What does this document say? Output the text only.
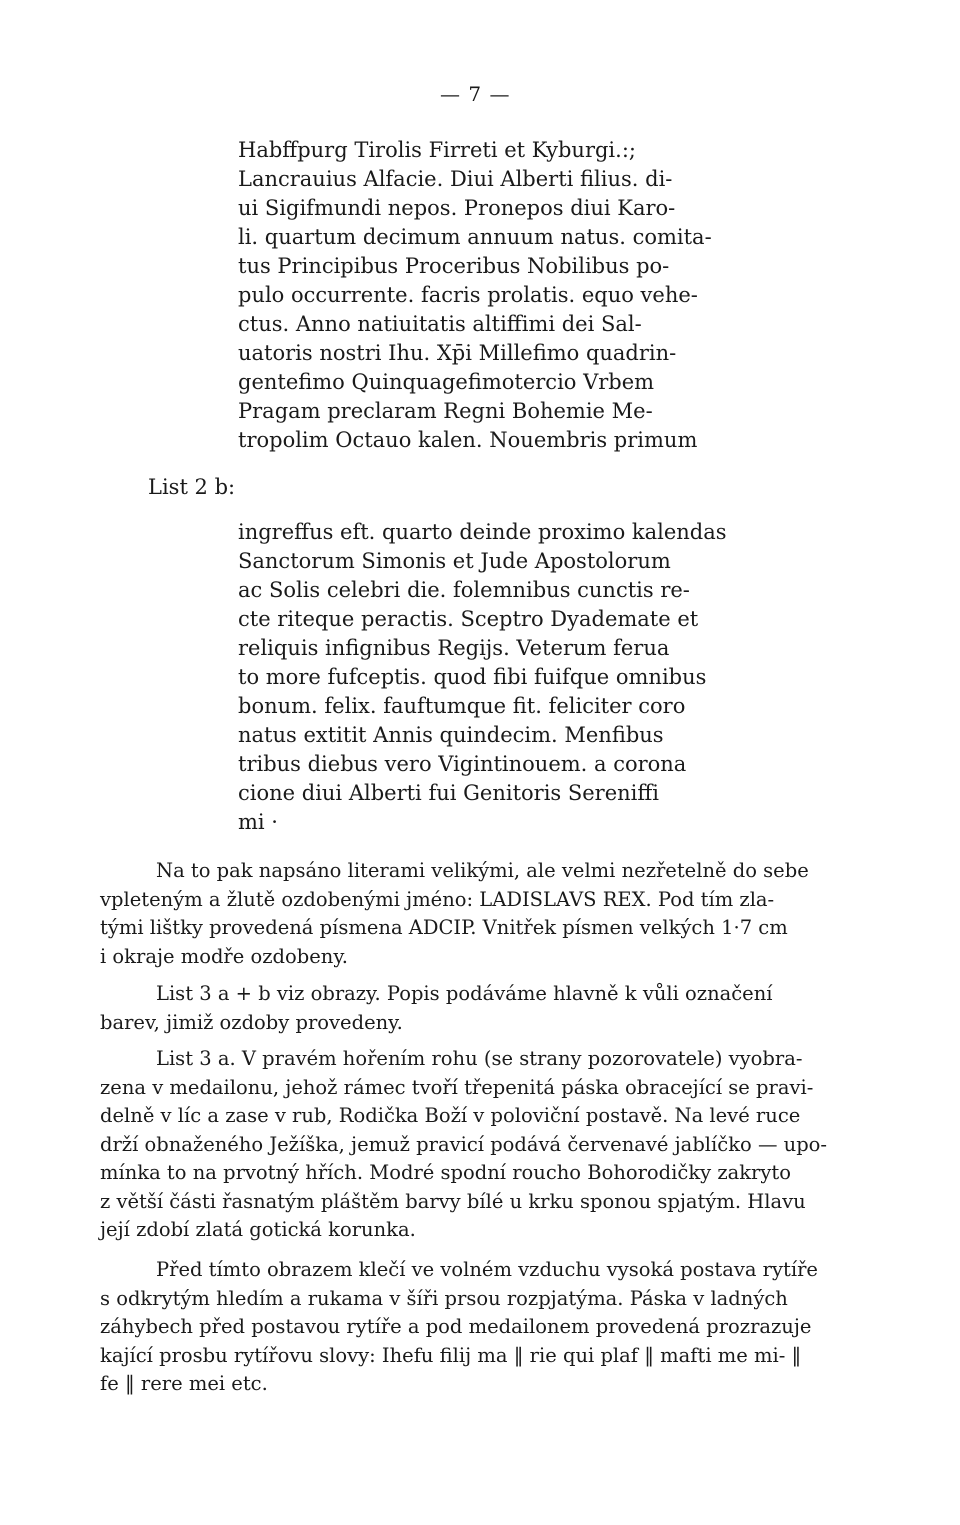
— 7 —

Habffpurg Tirolis Firreti et Kyburgi.:;
Lancrauius Alfacie. Diui Alberti filius. di-
ui Sigifmundi nepos. Pronepos diui Karo-
li. quartum decimum annuum natus. comita-
tus Principibus Proceribus Nobilibus po-
pulo occurrente. facris prolatis. equo vehe-
ctus. Anno natiuitatis altiffimi dei Sal-
uatoris nostri Ihu. Xp̄i Millefimo quadrin-
gentefimo Quinquagefimotercio Vrbem
Pragam preclaram Regni Bohemie Me-
tropolim Octauo kalen. Nouembris primum

List 2 b:

ingreffus eft. quarto deinde proximo kalendas
Sanctorum Simonis et Jude Apostolorum
ac Solis celebri die. folemnibus cunctis re-
cte riteque peractis. Sceptro Dyademate et
reliquis infignibus Regijs. Veterum ferua
to more fufceptis. quod fibi fuifque omnibus
bonum. felix. fauftumque fit. feliciter coro
natus extitit Annis quindecim. Menfibus
tribus diebus vero Vigintinouem. a corona
cione diui Alberti fui Genitoris Sereniffi
mi ·

Na to pak napsáno literami velikými, ale velmi nezřetelně do sebe
vpleteným a žlutě ozdobenými jméno: LADISLAVS REX. Pod tím zla-
tými lištky provedená písmena ADCIP. Vnitřek písmen velkých 1·7 cm
i okraje modře ozdobeny.

List 3 a + b viz obrazy. Popis podáváme hlavně k vůli označení
barev, jimiž ozdoby provedeny.

List 3 a. V pravém hořením rohu (se strany pozorovatele) vyobra-
zena v medailonu, jehož rámec tvoří třepenitá páska obracející se pravi-
delně v líc a zase v rub, Rodička Boží v poloviční postavě. Na levé ruce
drží obnaženého Ježíška, jemuž pravicí podává červenavé jablíčko — upo-
mínka to na prvotný hřích. Modré spodní roucho Bohorodičky zakryto
z větší části řasnatým pláštěm barvy bílé u krku sponou spjatým. Hlavu
její zdobí zlatá gotická korunka.

Před tímto obrazem klečí ve volném vzduchu vysoká postava rytíře
s odkrytým hledím a rukama v šíři prsou rozpjatýma. Páska v ladných
záhybech před postavou rytíře a pod medailonem provedená prozrazuje
kající prosbu rytířovu slovy: Ihefu filij ma ‖ rie qui plaf ‖ mafti me mi- ‖
fe ‖ rere mei etc.
